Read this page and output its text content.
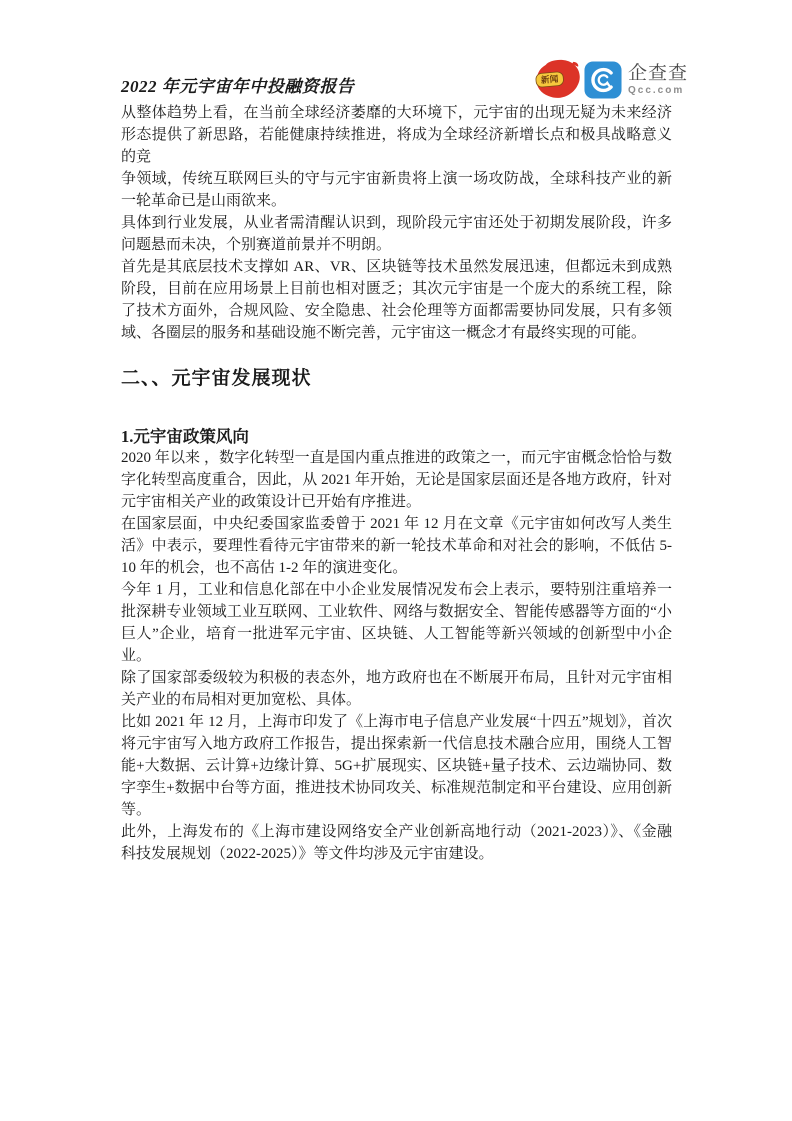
2022 年元宇宙年中投融资报告	新闻	企查查
Qcc.com

从整体趋势上看，在当前全球经济萎靡的大环境下，元宇宙的出现无疑为未来经济形态提供了新思路，若能健康持续推进，将成为全球经济新增长点和极具战略意义的竞

争领域，传统互联网巨头的守与元宇宙新贵将上演一场攻防战，全球科技产业的新一轮革命已是山雨欲来。

具体到行业发展，从业者需清醒认识到，现阶段元宇宙还处于初期发展阶段，许多问题悬而未决，个别赛道前景并不明朗。

首先是其底层技术支撑如 AR、VR、区块链等技术虽然发展迅速，但都远未到成熟阶段，目前在应用场景上目前也相对匮乏；其次元宇宙是一个庞大的系统工程，除了技术方面外，合规风险、安全隐患、社会伦理等方面都需要协同发展，只有多领域、各圈层的服务和基础设施不断完善，元宇宙这一概念才有最终实现的可能。

二、、元宇宙发展现状
1.元宇宙政策风向

2020 年以来 ，数字化转型一直是国内重点推进的政策之一，而元宇宙概念恰恰与数字化转型高度重合，因此，从 2021 年开始，无论是国家层面还是各地方政府，针对元宇宙相关产业的政策设计已开始有序推进。

在国家层面，中央纪委国家监委曾于 2021 年 12 月在文章《元宇宙如何改写人类生活》中表示，要理性看待元宇宙带来的新一轮技术革命和对社会的影响，不低估 5-10 年的机会，也不高估 1-2 年的演进变化。

今年 1 月，工业和信息化部在中小企业发展情况发布会上表示，要特别注重培养一批深耕专业领域工业互联网、工业软件、网络与数据安全、智能传感器等方面的“小巨人”企业，培育一批进军元宇宙、区块链、人工智能等新兴领域的创新型中小企业。

除了国家部委级较为积极的表态外，地方政府也在不断展开布局，且针对元宇宙相关产业的布局相对更加宽松、具体。

比如 2021 年 12 月，上海市印发了《上海市电子信息产业发展“十四五”规划》，首次将元宇宙写入地方政府工作报告，提出探索新一代信息技术融合应用，围绕人工智能+大数据、云计算+边缘计算、5G+扩展现实、区块链+量子技术、云边端协同、数字孪生+数据中台等方面，推进技术协同攻关、标准规范制定和平台建设、应用创新等。

此外，上海发布的《上海市建设网络安全产业创新高地行动（2021-2023）》、《金融科技发展规划（2022-2025）》等文件均涉及元宇宙建设。
